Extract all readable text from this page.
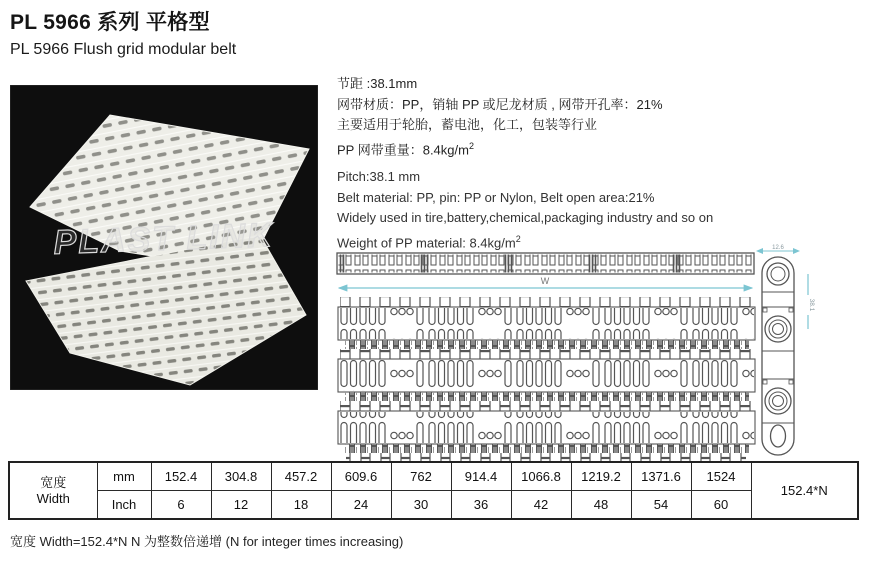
PL 5966 系列 平格型
PL 5966 Flush grid modular belt
PLAST LINK
节距 :38.1mm
网带材质：PP，销轴 PP 或尼龙材质 , 网带开孔率：21%
主要适用于轮胎，蓄电池，化工，包装等行业
PP 网带重量：$8.4kg/m^2$
Pitch:38.1 mm
Belt material: PP, pin: PP or Nylon, Belt open area:21%
Widely used in tire,battery,chemical,packaging industry and so on
Weight of PP material: $8.4kg/m^2$
W
12.6
38.1
宽度
Width	mm	152.4	304.8	457.2	609.6	762	914.4	1066.8	1219.2	1371.6	1524	152.4*N
	Inch	6	12	18	24	30	36	42	48	54	60	
宽度 Width=152.4*N N 为整数倍递增 (N for integer times increasing)
